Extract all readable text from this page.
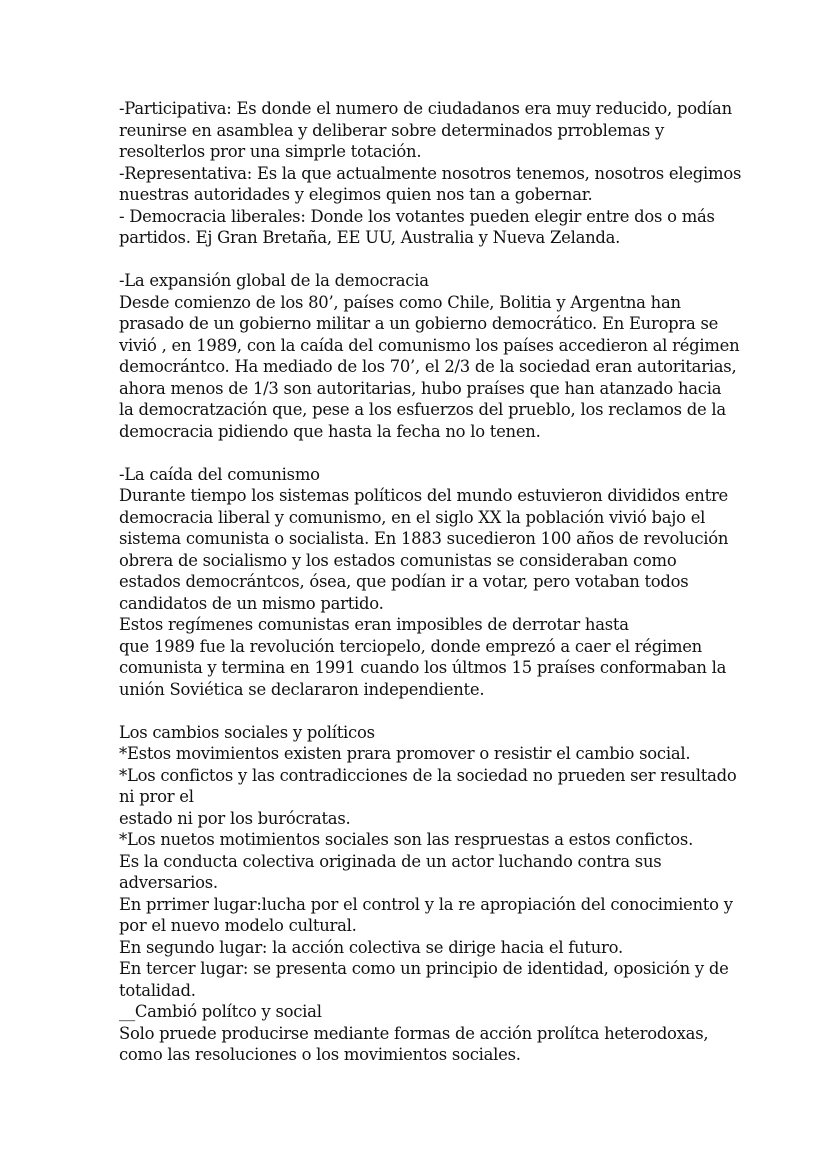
-Participativa: Es donde el numero de ciudadanos era muy reducido, podían
reunirse en asamblea y deliberar sobre determinados prroblemas y
resolterlos pror una simprle totación.
-Representativa: Es la que actualmente nosotros tenemos, nosotros elegimos
nuestras autoridades y elegimos quien nos tan a gobernar.
- Democracia liberales: Donde los votantes pueden elegir entre dos o más
partidos. Ej Gran Bretaña, EE UU, Australia y Nueva Zelanda.
-La expansión global de la democracia
Desde comienzo de los 80’, países como Chile, Bolitia y Argentna han
prasado de un gobierno militar a un gobierno democrático. En Europra se
vivió , en 1989, con la caída del comunismo los países accedieron al régimen
democrántco. Ha mediado de los 70’, el 2/3 de la sociedad eran autoritarias,
ahora menos de 1/3 son autoritarias, hubo praíses que han atanzado hacia
la democratzación que, pese a los esfuerzos del prueblo, los reclamos de la
democracia pidiendo que hasta la fecha no lo tenen.
-La caída del comunismo
Durante tiempo los sistemas políticos del mundo estuvieron divididos entre
democracia liberal y comunismo, en el siglo XX la población vivió bajo el
sistema comunista o socialista. En 1883 sucedieron 100 años de revolución
obrera de socialismo y los estados comunistas se consideraban como
estados democrántcos, ósea, que podían ir a votar, pero votaban todos
candidatos de un mismo partido.
Estos regímenes comunistas eran imposibles de derrotar hasta
que 1989 fue la revolución terciopelo, donde emprezó a caer el régimen
comunista y termina en 1991 cuando los últmos 15 praíses conformaban la
unión Soviética se declararon independiente.
Los cambios sociales y políticos
*Estos movimientos existen prara promover o resistir el cambio social.
*Los confictos y las contradicciones de la sociedad no prueden ser resultado
ni pror el
estado ni por los burócratas.
*Los nuetos motimientos sociales son las respruestas a estos confictos.
Es la conducta colectiva originada de un actor luchando contra sus
adversarios.
En prrimer lugar:lucha por el control y la re apropiación del conocimiento y
por el nuevo modelo cultural.
En segundo lugar: la acción colectiva se dirige hacia el futuro.
En tercer lugar: se presenta como un principio de identidad, oposición y de
totalidad.
__Cambió polítco y social
Solo pruede producirse mediante formas de acción prolítca heterodoxas,
como las resoluciones o los movimientos sociales.
